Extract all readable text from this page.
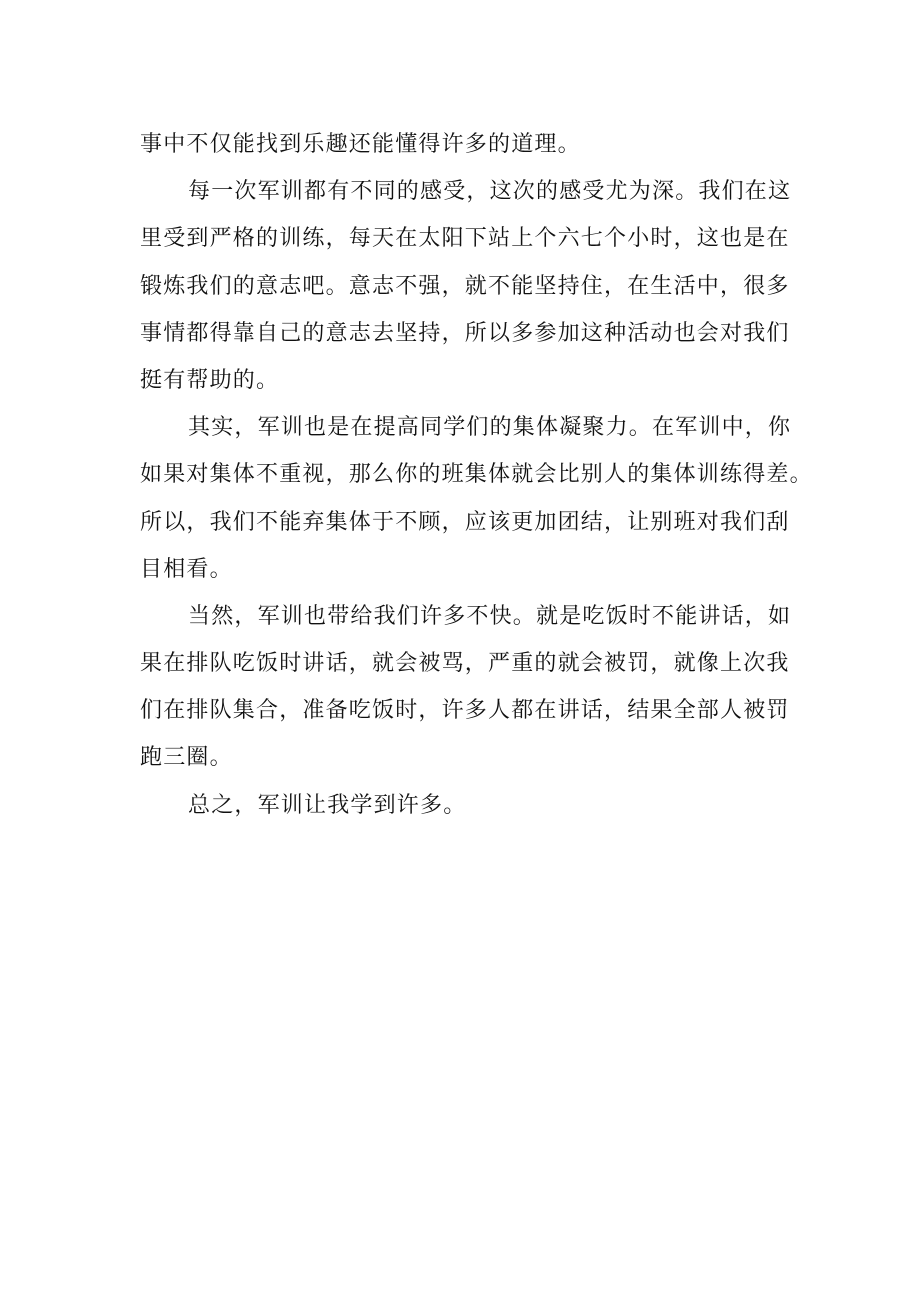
事中不仅能找到乐趣还能懂得许多的道理。
每一次军训都有不同的感受，这次的感受尤为深。我们在这
里受到严格的训练，每天在太阳下站上个六七个小时，这也是在
锻炼我们的意志吧。意志不强，就不能坚持住，在生活中，很多
事情都得靠自己的意志去坚持，所以多参加这种活动也会对我们
挺有帮助的。
其实，军训也是在提高同学们的集体凝聚力。在军训中，你
如果对集体不重视，那么你的班集体就会比别人的集体训练得差。
所以，我们不能弃集体于不顾，应该更加团结，让别班对我们刮
目相看。
当然，军训也带给我们许多不快。就是吃饭时不能讲话，如
果在排队吃饭时讲话，就会被骂，严重的就会被罚，就像上次我
们在排队集合，准备吃饭时，许多人都在讲话，结果全部人被罚
跑三圈。
总之，军训让我学到许多。
